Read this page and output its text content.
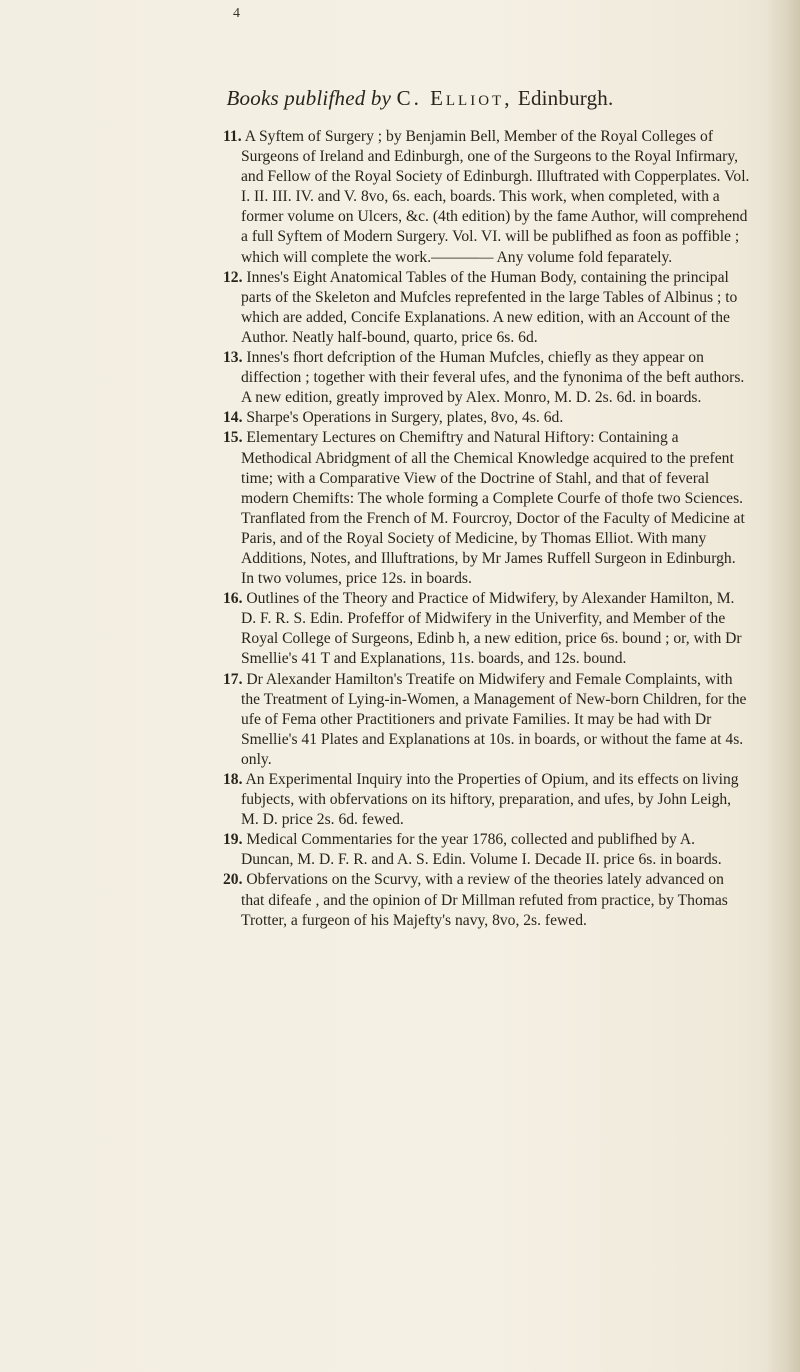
4
Books publifhed by C. Elliot, Edinburgh.

11. A Syftem of Surgery ; by Benjamin Bell, Member of the Royal Colleges of Surgeons of Ireland and Edinburgh, one of the Surgeons to the Royal Infirmary, and Fellow of the Royal Society of Edinburgh. Illuftrated with Copperplates. Vol. I. II. III. IV. and V. 8vo, 6s. each, boards. This work, when completed, with a former volume on Ulcers, &c. (4th edition) by the fame Author, will comprehend a full Syftem of Modern Surgery. Vol. VI. will be publifhed as foon as poffible ; which will complete the work.———— Any volume fold feparately.

12. Innes's Eight Anatomical Tables of the Human Body, containing the principal parts of the Skeleton and Mufcles reprefented in the large Tables of Albinus ; to which are added, Concife Explanations. A new edition, with an Account of the Author. Neatly half-bound, quarto, price 6s. 6d.

13. Innes's fhort defcription of the Human Mufcles, chiefly as they appear on diffection ; together with their feveral ufes, and the fynonima of the beft authors. A new edition, greatly improved by Alex. Monro, M. D. 2s. 6d. in boards.

14. Sharpe's Operations in Surgery, plates, 8vo, 4s. 6d.

15. Elementary Lectures on Chemiftry and Natural Hiftory: Containing a Methodical Abridgment of all the Chemical Knowledge acquired to the prefent time; with a Comparative View of the Doctrine of Stahl, and that of feveral modern Chemifts: The whole forming a Complete Courfe of thofe two Sciences. Tranflated from the French of M. Fourcroy, Doctor of the Faculty of Medicine at Paris, and of the Royal Society of Medicine, by Thomas Elliot. With many Additions, Notes, and Illuftrations, by Mr James Ruffell Surgeon in Edinburgh. In two volumes, price 12s. in boards.

16. Outlines of the Theory and Practice of Midwifery, by Alexander Hamilton, M. D. F. R. S. Edin. Profeffor of Midwifery in the Univerfity, and Member of the Royal College of Surgeons, Edinb h, a new edition, price 6s. bound ; or, with Dr Smellie's 41 T and Explanations, 11s. boards, and 12s. bound.

17. Dr Alexander Hamilton's Treatife on Midwifery and Female Complaints, with the Treatment of Lying-in-Women, a Management of New-born Children, for the ufe of Fema other Practitioners and private Families. It may be had with Dr Smellie's 41 Plates and Explanations at 10s. in boards, or without the fame at 4s. only.

18. An Experimental Inquiry into the Properties of Opium, and its effects on living fubjects, with obfervations on its hiftory, preparation, and ufes, by John Leigh, M. D. price 2s. 6d. fewed.

19. Medical Commentaries for the year 1786, collected and publifhed by A. Duncan, M. D. F. R. and A. S. Edin. Volume I. Decade II. price 6s. in boards.

20. Obfervations on the Scurvy, with a review of the theories lately advanced on that difeafe , and the opinion of Dr Millman refuted from practice, by Thomas Trotter, a furgeon of his Majefty's navy, 8vo, 2s. fewed.
